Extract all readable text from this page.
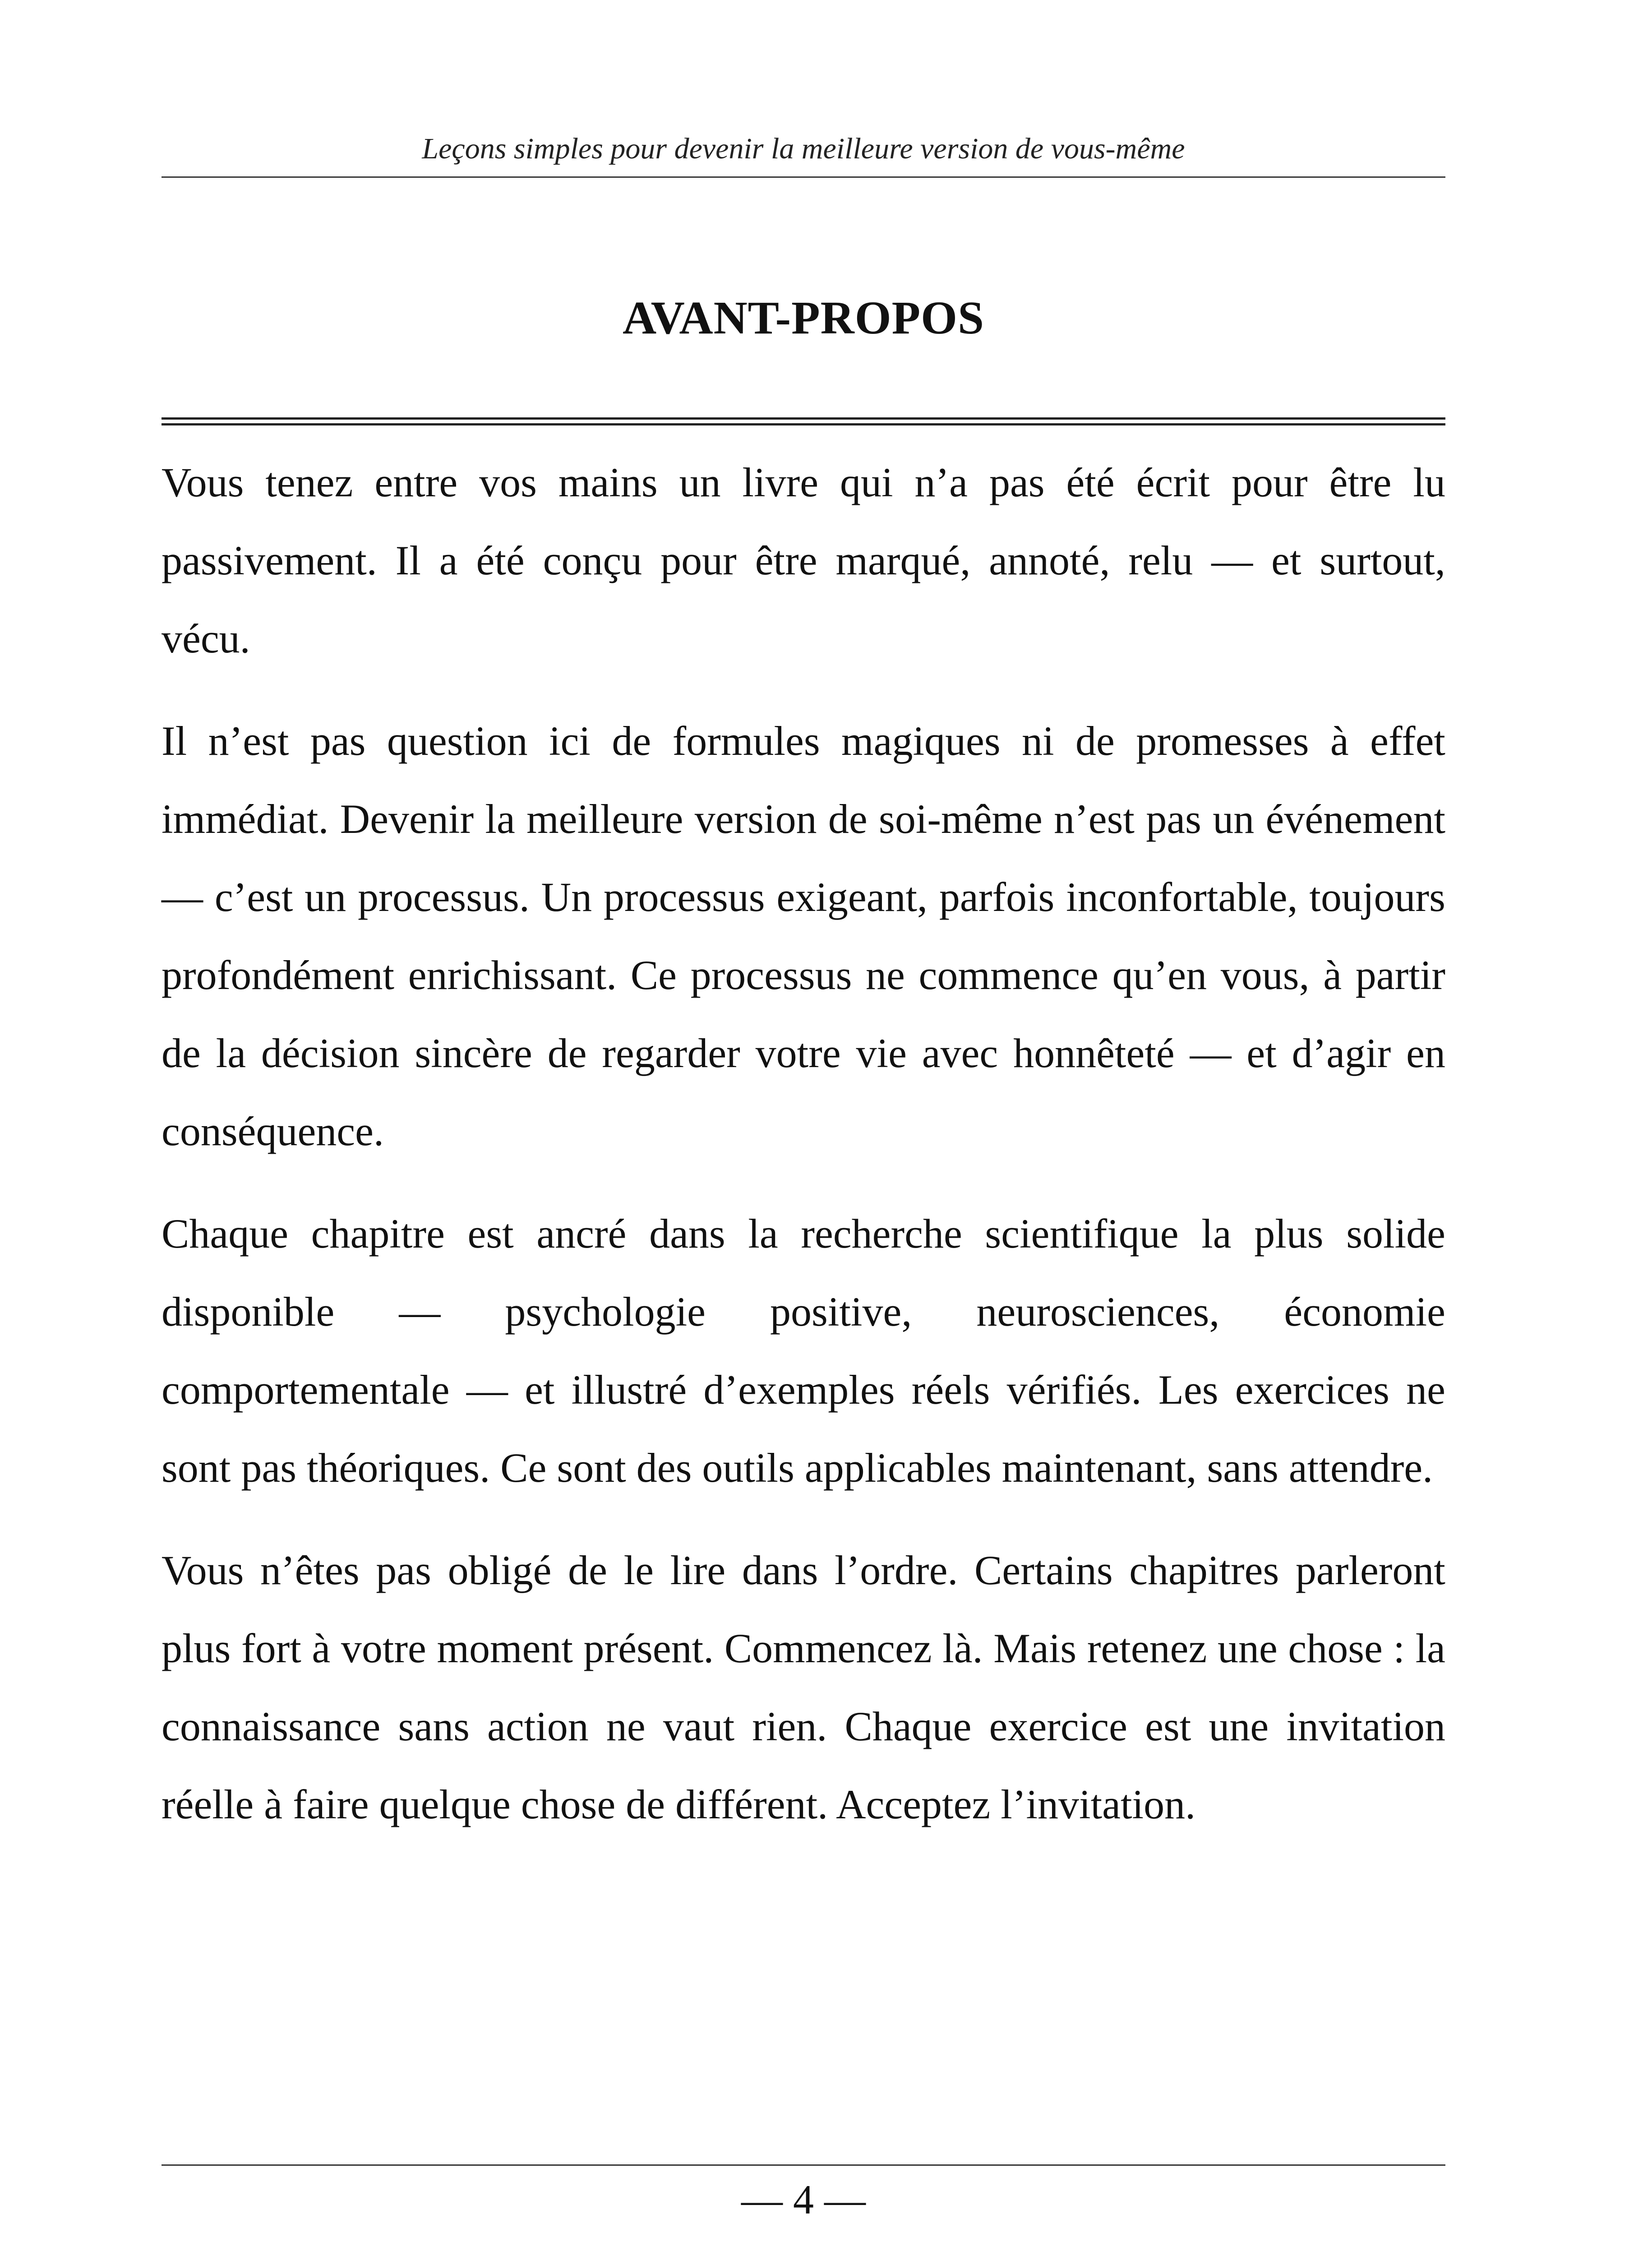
Leçons simples pour devenir la meilleure version de vous-même
AVANT-PROPOS

Vous tenez entre vos mains un livre qui n’a pas été écrit pour être lu passivement. Il a été conçu pour être marqué, annoté, relu — et surtout, vécu.

Il n’est pas question ici de formules magiques ni de promesses à effet immédiat. Devenir la meilleure version de soi-même n’est pas un événement — c’est un processus. Un processus exigeant, parfois inconfortable, toujours profondément enrichissant. Ce processus ne commence qu’en vous, à partir de la décision sincère de regarder votre vie avec honnêteté — et d’agir en conséquence.

Chaque chapitre est ancré dans la recherche scientifique la plus solide disponible — psychologie positive, neurosciences, économie comportementale — et illustré d’exemples réels vérifiés. Les exercices ne sont pas théoriques. Ce sont des outils applicables maintenant, sans attendre.

Vous n’êtes pas obligé de le lire dans l’ordre. Certains chapitres parleront plus fort à votre moment présent. Commencez là. Mais retenez une chose : la connaissance sans action ne vaut rien. Chaque exercice est une invitation réelle à faire quelque chose de différent. Acceptez l’invitation.

— 4 —
